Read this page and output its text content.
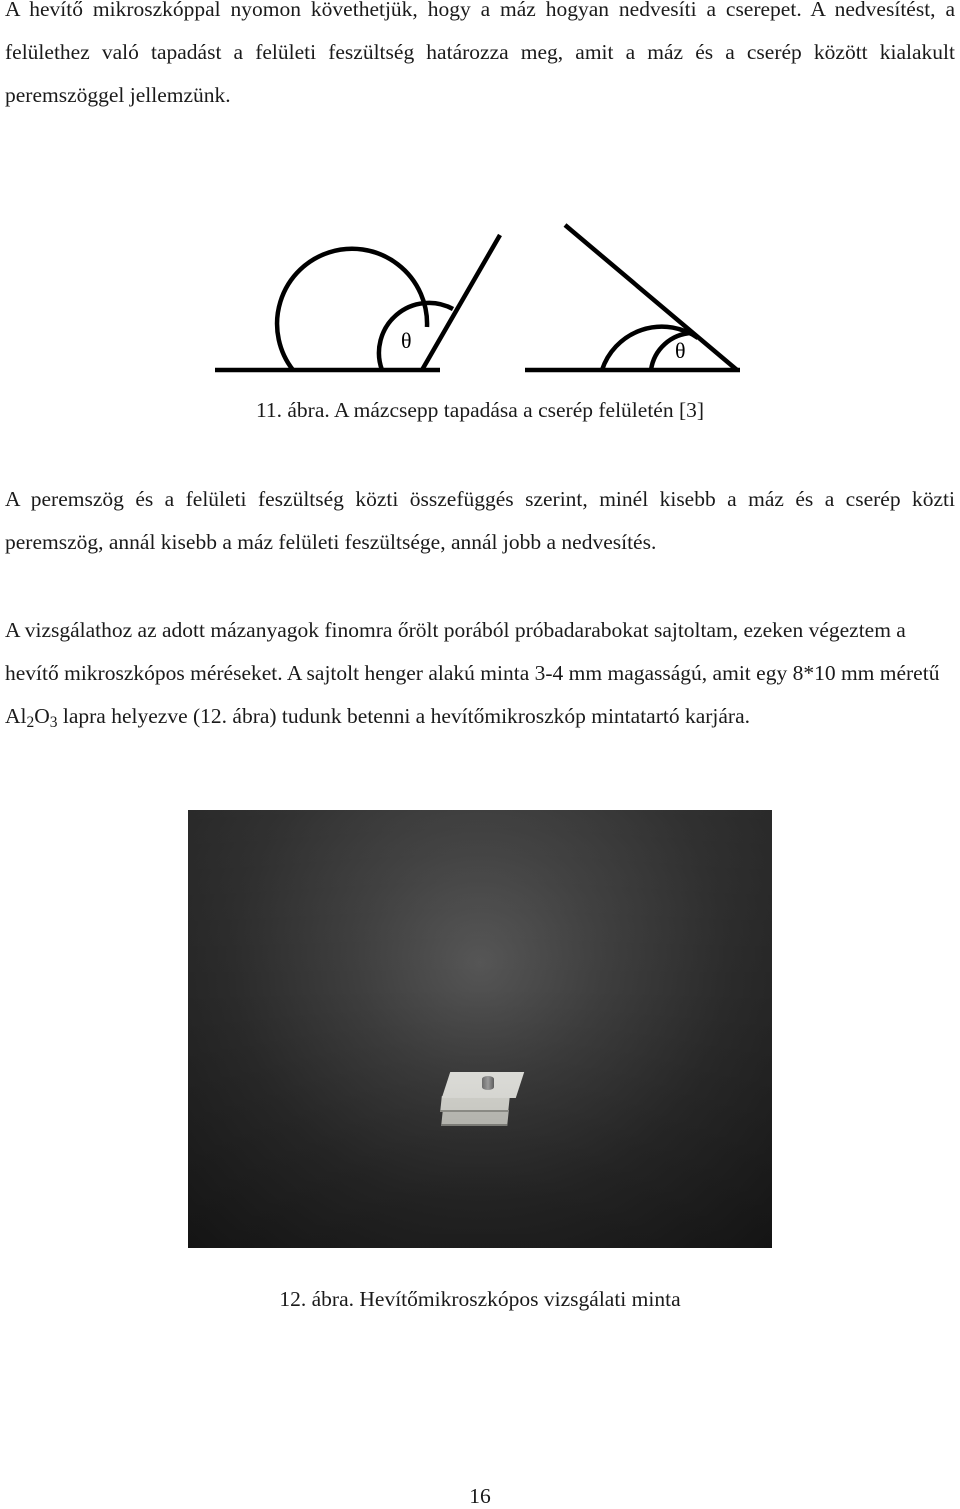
A hevítő mikroszkóppal nyomon követhetjük, hogy a máz hogyan nedvesíti a cserepet. A nedvesítést, a felülethez való tapadást a felületi feszültség határozza meg, amit a máz és a cserép között kialakult peremszöggel jellemzünk.

θ	θ

11. ábra. A mázcsepp tapadása a cserép felületén [3]

A peremszög és a felületi feszültség közti összefüggés szerint, minél kisebb a máz és a cserép közti peremszög, annál kisebb a máz felületi feszültsége, annál jobb a nedvesítés.

A vizsgálathoz az adott mázanyagok finomra őrölt porából próbadarabokat sajtoltam, ezeken végeztem a hevítő mikroszkópos méréseket. A sajtolt henger alakú minta 3-4 mm magasságú, amit egy 8*10 mm méretű $Al_2O_3$ lapra helyezve (12. ábra) tudunk betenni a hevítőmikroszkóp mintatartó karjára.

12. ábra. Hevítőmikroszkópos vizsgálati minta

16
